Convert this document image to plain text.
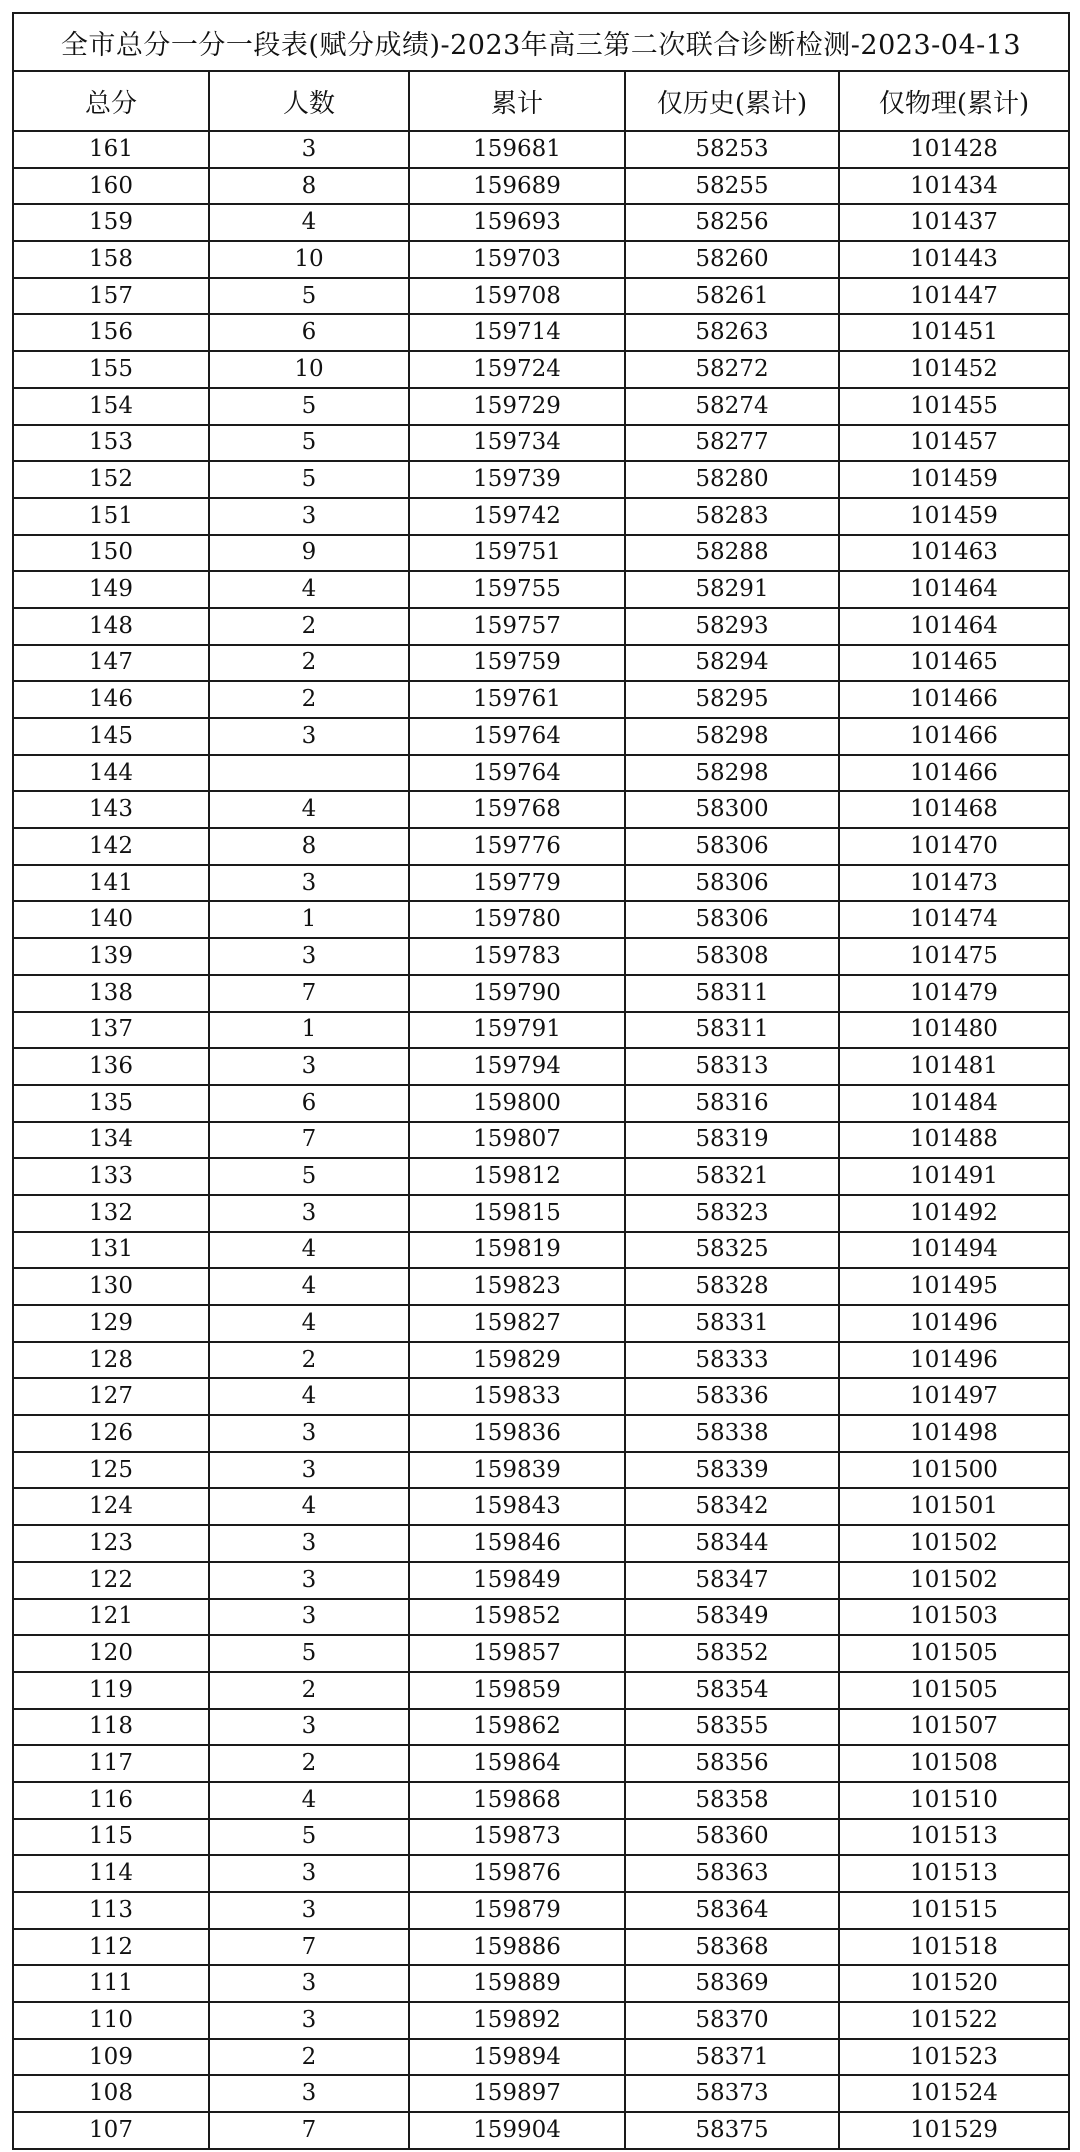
全市总分一分一段表(赋分成绩)-2023年高三第二次联合诊断检测-2023-04-13				
总分	人数	累计	仅历史(累计)	仅物理(累计)
161	3	159681	58253	101428
160	8	159689	58255	101434
159	4	159693	58256	101437
158	10	159703	58260	101443
157	5	159708	58261	101447
156	6	159714	58263	101451
155	10	159724	58272	101452
154	5	159729	58274	101455
153	5	159734	58277	101457
152	5	159739	58280	101459
151	3	159742	58283	101459
150	9	159751	58288	101463
149	4	159755	58291	101464
148	2	159757	58293	101464
147	2	159759	58294	101465
146	2	159761	58295	101466
145	3	159764	58298	101466
144		159764	58298	101466
143	4	159768	58300	101468
142	8	159776	58306	101470
141	3	159779	58306	101473
140	1	159780	58306	101474
139	3	159783	58308	101475
138	7	159790	58311	101479
137	1	159791	58311	101480
136	3	159794	58313	101481
135	6	159800	58316	101484
134	7	159807	58319	101488
133	5	159812	58321	101491
132	3	159815	58323	101492
131	4	159819	58325	101494
130	4	159823	58328	101495
129	4	159827	58331	101496
128	2	159829	58333	101496
127	4	159833	58336	101497
126	3	159836	58338	101498
125	3	159839	58339	101500
124	4	159843	58342	101501
123	3	159846	58344	101502
122	3	159849	58347	101502
121	3	159852	58349	101503
120	5	159857	58352	101505
119	2	159859	58354	101505
118	3	159862	58355	101507
117	2	159864	58356	101508
116	4	159868	58358	101510
115	5	159873	58360	101513
114	3	159876	58363	101513
113	3	159879	58364	101515
112	7	159886	58368	101518
111	3	159889	58369	101520
110	3	159892	58370	101522
109	2	159894	58371	101523
108	3	159897	58373	101524
107	7	159904	58375	101529
